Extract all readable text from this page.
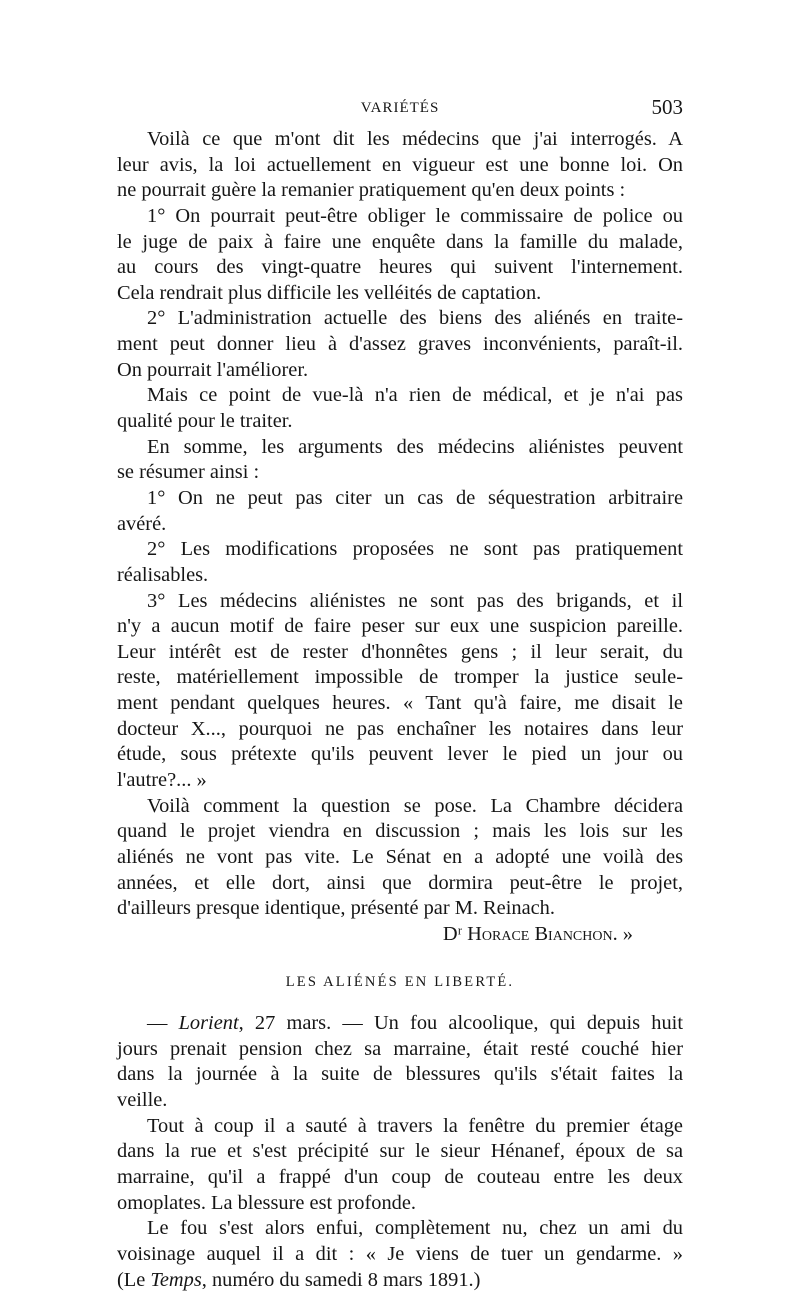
VARIÉTÉS	503
Voilà ce que m'ont dit les médecins que j'ai interrogés. A
leur avis, la loi actuellement en vigueur est une bonne loi. On
ne pourrait guère la remanier pratiquement qu'en deux points :
1° On pourrait peut-être obliger le commissaire de police ou
le juge de paix à faire une enquête dans la famille du malade,
au cours des vingt-quatre heures qui suivent l'internement.
Cela rendrait plus difficile les velléités de captation.
2° L'administration actuelle des biens des aliénés en traite-
ment peut donner lieu à d'assez graves inconvénients, paraît-il.
On pourrait l'améliorer.
Mais ce point de vue-là n'a rien de médical, et je n'ai pas
qualité pour le traiter.
En somme, les arguments des médecins aliénistes peuvent
se résumer ainsi :
1° On ne peut pas citer un cas de séquestration arbitraire
avéré.
2° Les modifications proposées ne sont pas pratiquement
réalisables.
3° Les médecins aliénistes ne sont pas des brigands, et il
n'y a aucun motif de faire peser sur eux une suspicion pareille.
Leur intérêt est de rester d'honnêtes gens ; il leur serait, du
reste, matériellement impossible de tromper la justice seule-
ment pendant quelques heures. « Tant qu'à faire, me disait le
docteur X..., pourquoi ne pas enchaîner les notaires dans leur
étude, sous prétexte qu'ils peuvent lever le pied un jour ou
l'autre?... »
Voilà comment la question se pose. La Chambre décidera
quand le projet viendra en discussion ; mais les lois sur les
aliénés ne vont pas vite. Le Sénat en a adopté une voilà des
années, et elle dort, ainsi que dormira peut-être le projet,
d'ailleurs presque identique, présenté par M. Reinach.
Dʳ Horace Bianchon. »
LES ALIÉNÉS EN LIBERTÉ.
— Lorient, 27 mars. — Un fou alcoolique, qui depuis huit
jours prenait pension chez sa marraine, était resté couché hier
dans la journée à la suite de blessures qu'ils s'était faites la
veille.
Tout à coup il a sauté à travers la fenêtre du premier étage
dans la rue et s'est précipité sur le sieur Hénanef, époux de sa
marraine, qu'il a frappé d'un coup de couteau entre les deux
omoplates. La blessure est profonde.
Le fou s'est alors enfui, complètement nu, chez un ami du
voisinage auquel il a dit : « Je viens de tuer un gendarme. »
(Le Temps, numéro du samedi 8 mars 1891.)
